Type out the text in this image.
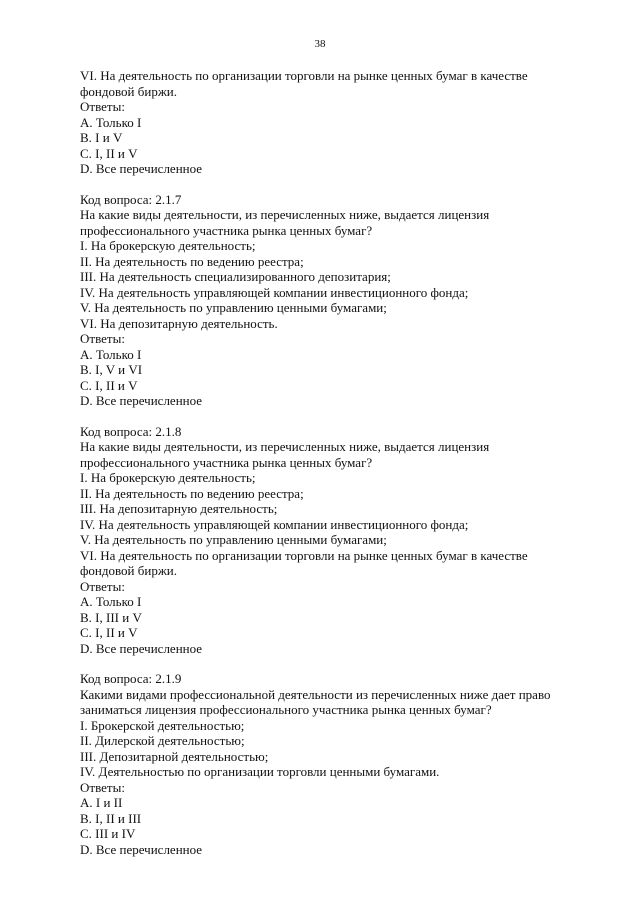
38
VI. На деятельность по организации торговли на рынке ценных бумаг в качестве
фондовой биржи.
Ответы:
A. Только I
B. I и V
C. I, II и V
D. Все перечисленное
Код вопроса: 2.1.7
На какие виды деятельности, из перечисленных ниже, выдается лицензия
профессионального участника рынка ценных бумаг?
I. На брокерскую деятельность;
II. На деятельность по ведению реестра;
III. На деятельность специализированного депозитария;
IV. На деятельность управляющей компании инвестиционного фонда;
V. На деятельность по управлению ценными бумагами;
VI. На депозитарную деятельность.
Ответы:
A. Только I
B. I, V и VI
C. I, II и V
D. Все перечисленное
Код вопроса: 2.1.8
На какие виды деятельности, из перечисленных ниже, выдается лицензия
профессионального участника рынка ценных бумаг?
I. На брокерскую деятельность;
II. На деятельность по ведению реестра;
III. На депозитарную деятельность;
IV. На деятельность управляющей компании инвестиционного фонда;
V. На деятельность по управлению ценными бумагами;
VI. На деятельность по организации торговли на рынке ценных бумаг в качестве
фондовой биржи.
Ответы:
A. Только I
B. I, III и V
C. I, II и V
D. Все перечисленное
Код вопроса: 2.1.9
Какими видами профессиональной деятельности из перечисленных ниже дает право
заниматься лицензия профессионального участника рынка ценных бумаг?
I. Брокерской деятельностью;
II. Дилерской деятельностью;
III. Депозитарной деятельностью;
IV. Деятельностью по организации торговли ценными бумагами.
Ответы:
A. I и II
B. I, II и III
C. III и IV
D. Все перечисленное
